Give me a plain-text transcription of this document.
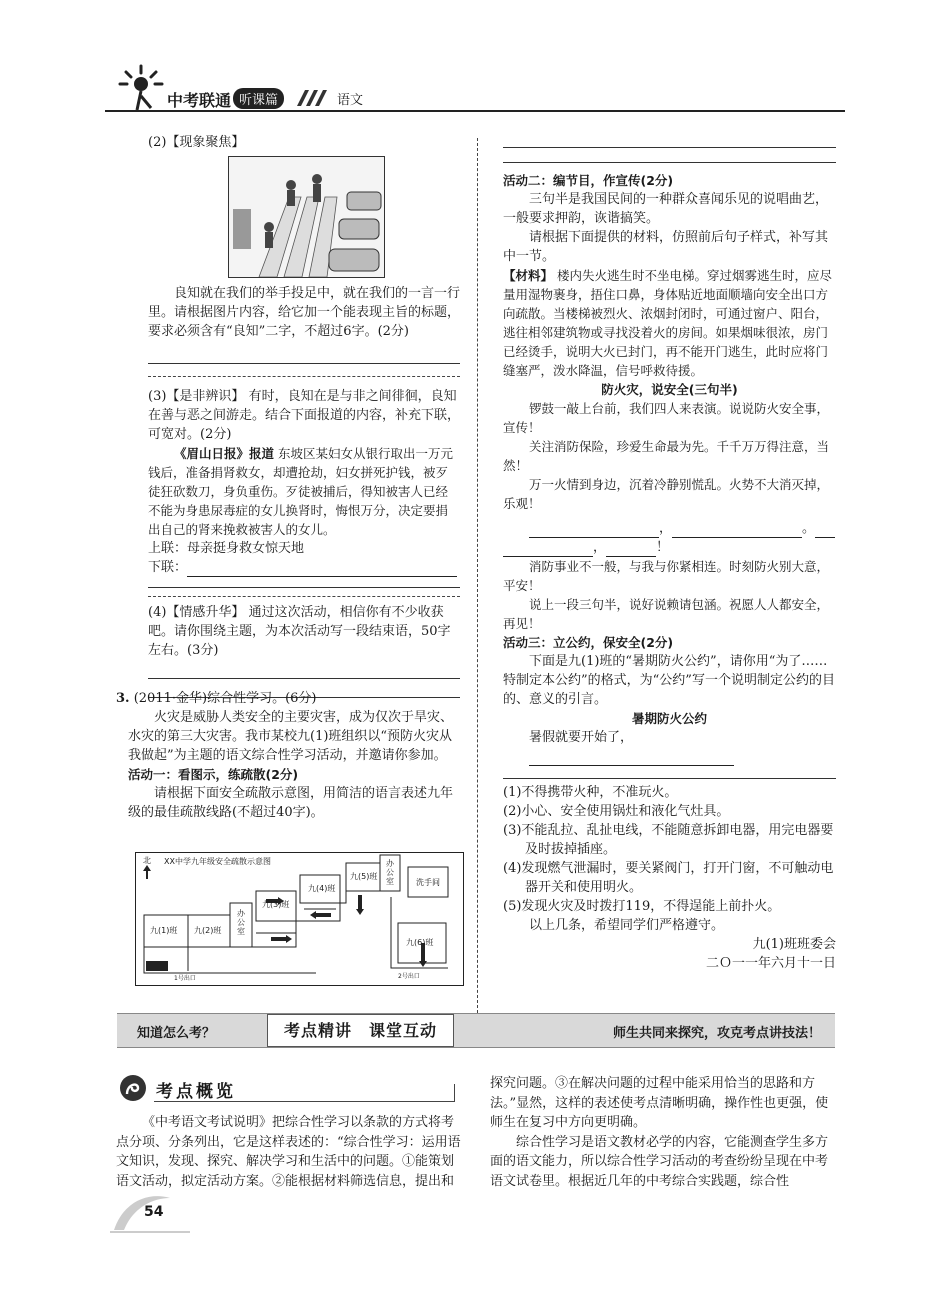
中考联通 听课篇	语文

(2)【现象聚焦】

良知就在我们的举手投足中，就在我们的一言一行里。请根据图片内容，给它加一个能表现主旨的标题，要求必须含有“良知”二字，不超过6字。(2分)

(3)【是非辨识】 有时，良知在是与非之间徘徊，良知在善与恶之间游走。结合下面报道的内容，补充下联，可宽对。(2分)

《眉山日报》报道 东坡区某妇女从银行取出一万元钱后，准备捐肾救女，却遭抢劫，妇女拼死护钱，被歹徒狂砍数刀，身负重伤。歹徒被捕后，得知被害人已经不能为身患尿毒症的女儿换肾时，悔恨万分，决定要捐出自己的肾来挽救被害人的女儿。

上联：母亲挺身救女惊天地

下联：

(4)【情感升华】 通过这次活动，相信你有不少收获吧。请你围绕主题，为本次活动写一段结束语，50字左右。(3分)

3. (2011·金华)综合性学习。(6分)

火灾是威胁人类安全的主要灾害，成为仅次于旱灾、水灾的第三大灾害。我市某校九(1)班组织以“预防火灾从我做起”为主题的语文综合性学习活动，并邀请你参加。

活动一：看图示，练疏散(2分)

请根据下面安全疏散示意图，用简洁的语言表述九年级的最佳疏散线路(不超过40字)。

北 XX中学九年级安全疏散示意图
九(1)班 九(2)班
办公室
九(3)班
九(4)班
九(5)班
办公室	洗手间
九(6)班
1号出口	2号出口

活动二：编节目，作宣传(2分)

三句半是我国民间的一种群众喜闻乐见的说唱曲艺，一般要求押韵，诙谐搞笑。

请根据下面提供的材料，仿照前后句子样式，补写其中一节。

【材料】 楼内失火逃生时不坐电梯。穿过烟雾逃生时，应尽量用湿物裹身，捂住口鼻，身体贴近地面顺墙向安全出口方向疏散。当楼梯被烈火、浓烟封闭时，可通过窗户、阳台，逃往相邻建筑物或寻找没着火的房间。如果烟味很浓，房门已经烫手，说明大火已封门，再不能开门逃生，此时应将门缝塞严，泼水降温，信号呼救待援。

防火灾，说安全(三句半)

锣鼓一敲上台前，我们四人来表演。说说防火安全事，宣传！

关注消防保险，珍爱生命最为先。千千万万得注意，当然！

万一火情到身边，沉着冷静别慌乱。火势不大消灭掉，乐观！

，	。

，	！

消防事业不一般，与我与你紧相连。时刻防火别大意，平安！

说上一段三句半，说好说赖请包涵。祝愿人人都安全，再见！

活动三：立公约，保安全(2分)

下面是九(1)班的“暑期防火公约”，请你用“为了……特制定本公约”的格式，为“公约”写一个说明制定公约的目的、意义的引言。

暑期防火公约

暑假就要开始了，

(1)不得携带火种，不准玩火。

(2)小心、安全使用锅灶和液化气灶具。

(3)不能乱拉、乱扯电线，不能随意拆卸电器，用完电器要及时拔掉插座。

(4)发现燃气泄漏时，要关紧阀门，打开门窗，不可触动电器开关和使用明火。

(5)发现火灾及时拨打119，不得逞能上前扑火。

以上几条，希望同学们严格遵守。

九(1)班班委会

二Ｏ一一年六月十一日

知道怎么考？	考点精讲　课堂互动	师生共同来探究，攻克考点讲技法！
考点概览
《中考语文考试说明》把综合性学习以条款的方式将考点分项、分条列出，它是这样表述的：“综合性学习：运用语文知识，发现、探究、解决学习和生活中的问题。①能策划语文活动，拟定活动方案。②能根据材料筛选信息，提出和

探究问题。③在解决问题的过程中能采用恰当的思路和方法。”显然，这样的表述使考点清晰明确，操作性也更强，使师生在复习中方向更明确。

综合性学习是语文教材必学的内容，它能测查学生多方面的语文能力，所以综合性学习活动的考查纷纷呈现在中考语文试卷里。根据近几年的中考综合实践题，综合性

54
